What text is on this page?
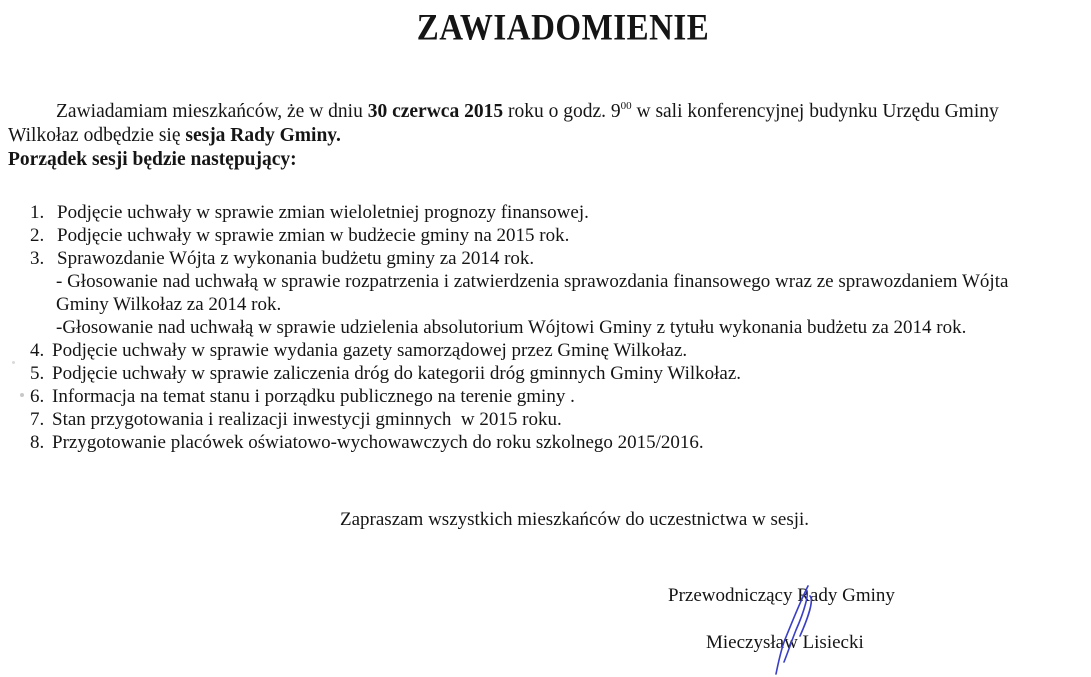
ZAWIADOMIENIE
Zawiadamiam mieszkańców, że w dniu 30 czerwca 2015 roku o godz. $9^{00}$ w sali konferencyjnej budynku Urzędu Gminy
Wilkołaz odbędzie się sesja Rady Gminy.
Porządek sesji będzie następujący:
1. Podjęcie uchwały w sprawie zmian wieloletniej prognozy finansowej.
2. Podjęcie uchwały w sprawie zmian w budżecie gminy na 2015 rok.
3. Sprawozdanie Wójta z wykonania budżetu gminy za 2014 rok.
- Głosowanie nad uchwałą w sprawie rozpatrzenia i zatwierdzenia sprawozdania finansowego wraz ze sprawozdaniem Wójta
Gminy Wilkołaz za 2014 rok.
-Głosowanie nad uchwałą w sprawie udzielenia absolutorium Wójtowi Gminy z tytułu wykonania budżetu za 2014 rok.
4. Podjęcie uchwały w sprawie wydania gazety samorządowej przez Gminę Wilkołaz.
5. Podjęcie uchwały w sprawie zaliczenia dróg do kategorii dróg gminnych Gminy Wilkołaz.
6. Informacja na temat stanu i porządku publicznego na terenie gminy .
7. Stan przygotowania i realizacji inwestycji gminnych  w 2015 roku.
8. Przygotowanie placówek oświatowo-wychowawczych do roku szkolnego 2015/2016.
Zapraszam wszystkich mieszkańców do uczestnictwa w sesji.
Przewodniczący Rady Gminy
Mieczysław Lisiecki
